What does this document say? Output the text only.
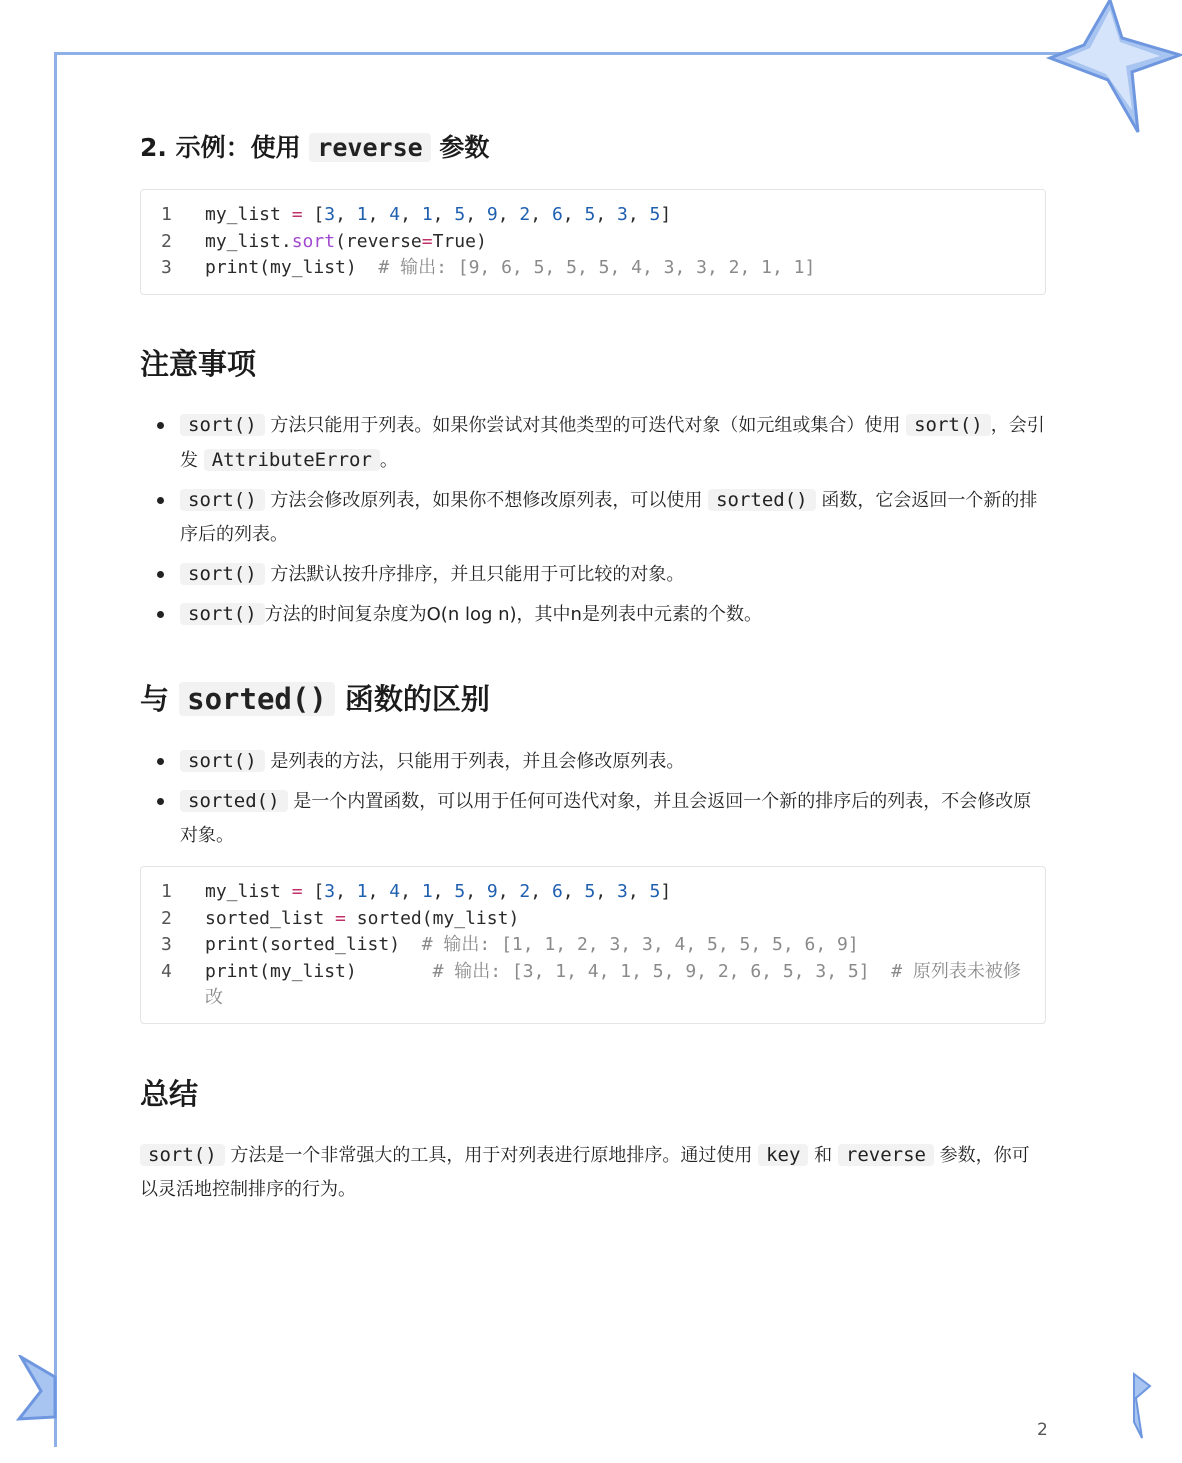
2. 示例：使用 reverse 参数
1	my_list = [3, 1, 4, 1, 5, 9, 2, 6, 5, 3, 5]
2	my_list.sort(reverse=True)
3	print(my_list)  # 输出: [9, 6, 5, 5, 5, 4, 3, 3, 2, 1, 1]
注意事项
sort() 方法只能用于列表。如果你尝试对其他类型的可迭代对象（如元组或集合）使用 sort() ，会引发 AttributeError 。
sort() 方法会修改原列表，如果你不想修改原列表，可以使用 sorted() 函数，它会返回一个新的排序后的列表。
sort() 方法默认按升序排序，并且只能用于可比较的对象。
sort() 方法的时间复杂度为O(n log n)，其中n是列表中元素的个数。
与 sorted() 函数的区别
sort() 是列表的方法，只能用于列表，并且会修改原列表。
sorted() 是一个内置函数，可以用于任何可迭代对象，并且会返回一个新的排序后的列表，不会修改原对象。
1	my_list = [3, 1, 4, 1, 5, 9, 2, 6, 5, 3, 5]
2	sorted_list = sorted(my_list)
3	print(sorted_list)  # 输出: [1, 1, 2, 3, 3, 4, 5, 5, 5, 6, 9]
4	print(my_list)       # 输出: [3, 1, 4, 1, 5, 9, 2, 6, 5, 3, 5]  # 原列表未被修改
总结
sort() 方法是一个非常强大的工具，用于对列表进行原地排序。通过使用 key 和 reverse 参数，你可以灵活地控制排序的行为。
2
